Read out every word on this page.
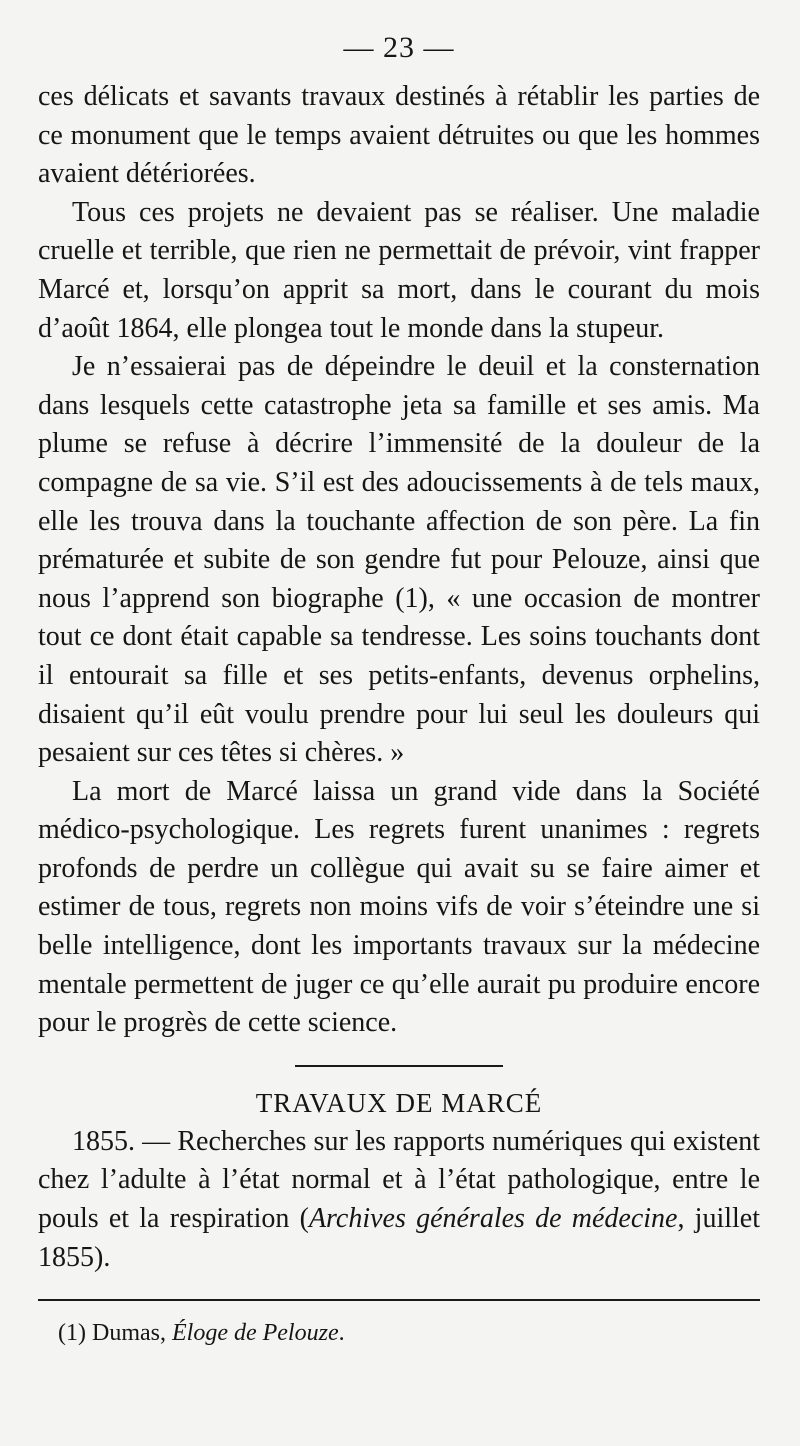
— 23 —

ces délicats et savants travaux destinés à rétablir les parties de ce monument que le temps avaient détruites ou que les hommes avaient détériorées.

Tous ces projets ne devaient pas se réaliser. Une maladie cruelle et terrible, que rien ne permettait de prévoir, vint frapper Marcé et, lorsqu’on apprit sa mort, dans le courant du mois d’août 1864, elle plongea tout le monde dans la stupeur.

Je n’essaierai pas de dépeindre le deuil et la consternation dans lesquels cette catastrophe jeta sa famille et ses amis. Ma plume se refuse à décrire l’immensité de la douleur de la compagne de sa vie. S’il est des adoucissements à de tels maux, elle les trouva dans la touchante affection de son père. La fin prématurée et subite de son gendre fut pour Pelouze, ainsi que nous l’apprend son biographe (1), « une occasion de montrer tout ce dont était capable sa tendresse. Les soins touchants dont il entourait sa fille et ses petits-enfants, devenus orphelins, disaient qu’il eût voulu prendre pour lui seul les douleurs qui pesaient sur ces têtes si chères. »

La mort de Marcé laissa un grand vide dans la Société médico-psychologique. Les regrets furent unanimes : regrets profonds de perdre un collègue qui avait su se faire aimer et estimer de tous, regrets non moins vifs de voir s’éteindre une si belle intelligence, dont les importants travaux sur la médecine mentale permettent de juger ce qu’elle aurait pu produire encore pour le progrès de cette science.

TRAVAUX DE MARCÉ

1855. — Recherches sur les rapports numériques qui existent chez l’adulte à l’état normal et à l’état pathologique, entre le pouls et la respiration (Archives générales de médecine, juillet 1855).

(1) Dumas, Éloge de Pelouze.
